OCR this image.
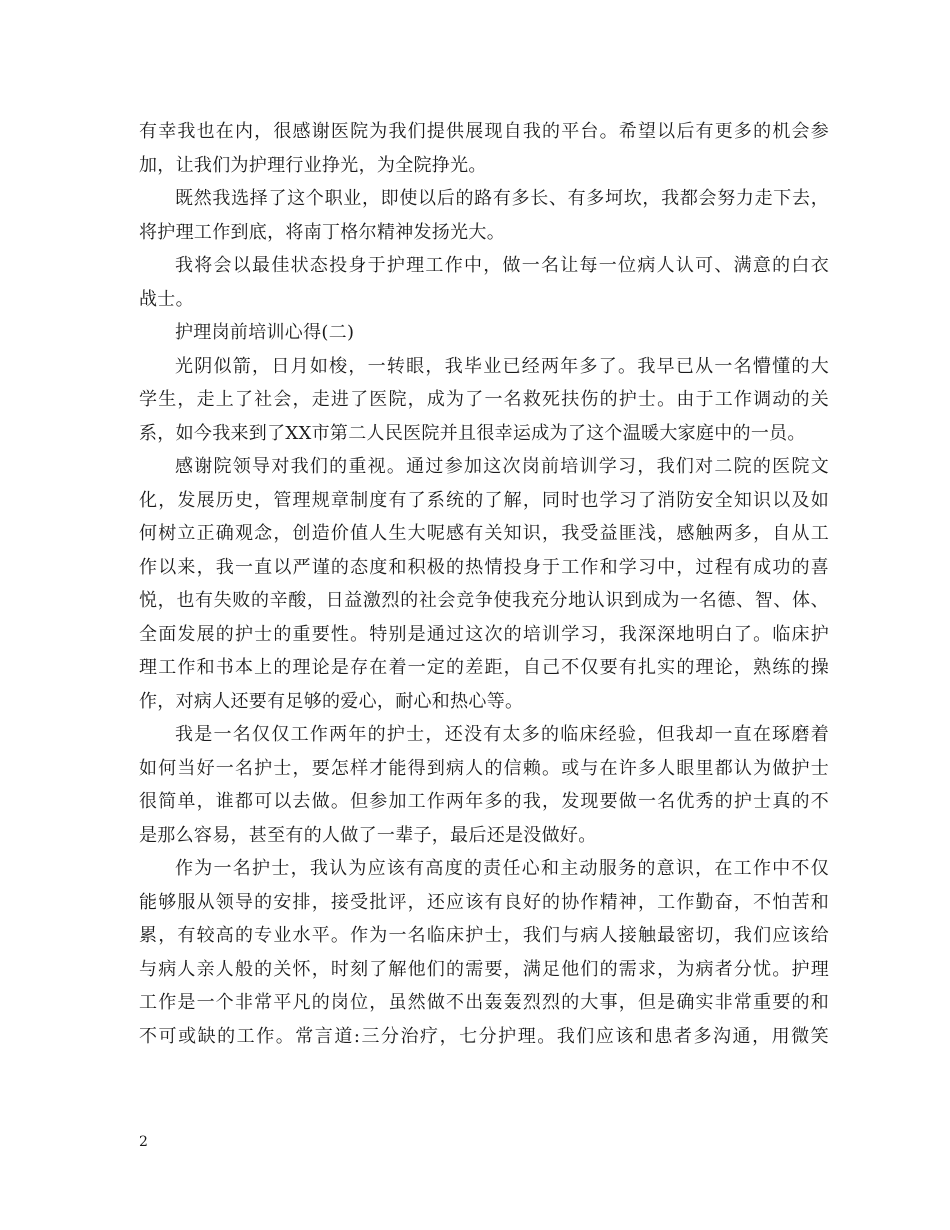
有幸我也在内，很感谢医院为我们提供展现自我的平台。希望以后有更多的机会参
加，让我们为护理行业挣光，为全院挣光。
既然我选择了这个职业，即使以后的路有多长、有多坷坎，我都会努力走下去，
将护理工作到底，将南丁格尔精神发扬光大。
我将会以最佳状态投身于护理工作中，做一名让每一位病人认可、满意的白衣
战士。
护理岗前培训心得(二)
光阴似箭，日月如梭，一转眼，我毕业已经两年多了。我早已从一名懵懂的大
学生，走上了社会，走进了医院，成为了一名救死扶伤的护士。由于工作调动的关
系，如今我来到了XX市第二人民医院并且很幸运成为了这个温暖大家庭中的一员。
感谢院领导对我们的重视。通过参加这次岗前培训学习，我们对二院的医院文
化，发展历史，管理规章制度有了系统的了解，同时也学习了消防安全知识以及如
何树立正确观念，创造价值人生大呢感有关知识，我受益匪浅，感触两多，自从工
作以来，我一直以严谨的态度和积极的热情投身于工作和学习中，过程有成功的喜
悦，也有失败的辛酸，日益激烈的社会竞争使我充分地认识到成为一名德、智、体、
全面发展的护士的重要性。特别是通过这次的培训学习，我深深地明白了。临床护
理工作和书本上的理论是存在着一定的差距，自己不仅要有扎实的理论，熟练的操
作，对病人还要有足够的爱心，耐心和热心等。
我是一名仅仅工作两年的护士，还没有太多的临床经验，但我却一直在琢磨着
如何当好一名护士，要怎样才能得到病人的信赖。或与在许多人眼里都认为做护士
很简单，谁都可以去做。但参加工作两年多的我，发现要做一名优秀的护士真的不
是那么容易，甚至有的人做了一辈子，最后还是没做好。
作为一名护士，我认为应该有高度的责任心和主动服务的意识，在工作中不仅
能够服从领导的安排，接受批评，还应该有良好的协作精神，工作勤奋，不怕苦和
累，有较高的专业水平。作为一名临床护士，我们与病人接触最密切，我们应该给
与病人亲人般的关怀，时刻了解他们的需要，满足他们的需求，为病者分忧。护理
工作是一个非常平凡的岗位，虽然做不出轰轰烈烈的大事，但是确实非常重要的和
不可或缺的工作。常言道:三分治疗，七分护理。我们应该和患者多沟通，用微笑
2
